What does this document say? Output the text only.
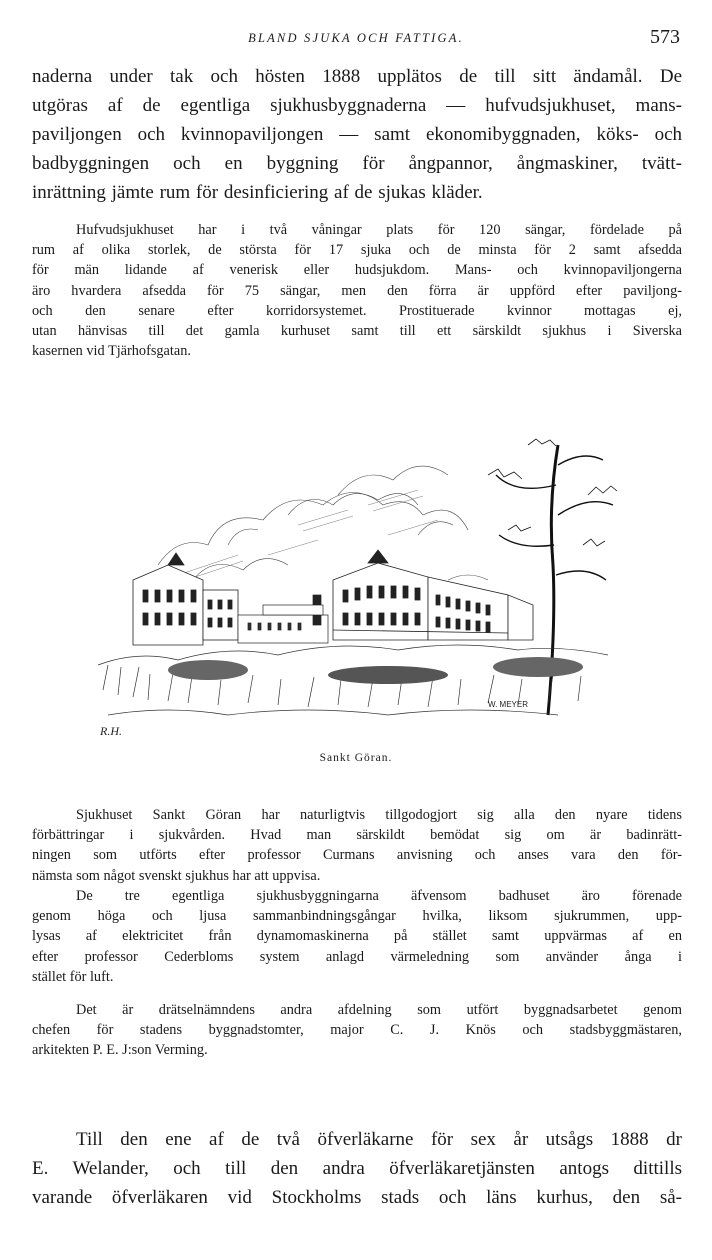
BLAND SJUKA OCH FATTIGA.	573

naderna under tak och hösten 1888 upplätos de till sitt ändamål. De
utgöras af de egentliga sjukhusbyggnaderna — hufvudsjukhuset, mans-
paviljongen och kvinnopaviljongen — samt ekonomibyggnaden, köks- och
badbyggningen och en byggning för ångpannor, ångmaskiner, tvätt-
inrättning jämte rum för desinficiering af de sjukas kläder.

Hufvudsjukhuset har i två våningar plats för 120 sängar, fördelade på
rum af olika storlek, de största för 17 sjuka och de minsta för 2 samt afsedda
för män lidande af venerisk eller hudsjukdom. Mans- och kvinnopaviljongerna
äro hvardera afsedda för 75 sängar, men den förra är uppförd efter paviljong-
och den senare efter korridorsystemet. Prostituerade kvinnor mottagas ej,
utan hänvisas till det gamla kurhuset samt till ett särskildt sjukhus i Siverska
kasernen vid Tjärhofsgatan.

R.H.
W. MEYER
Sankt Göran.

Sjukhuset Sankt Göran har naturligtvis tillgodogjort sig alla den nyare tidens
förbättringar i sjukvården. Hvad man särskildt bemödat sig om är badinrätt-
ningen som utförts efter professor Curmans anvisning och anses vara den för-
nämsta som något svenskt sjukhus har att uppvisa.

De tre egentliga sjukhusbyggningarna äfvensom badhuset äro förenade
genom höga och ljusa sammanbindningsgångar hvilka, liksom sjukrummen, upp-
lysas af elektricitet från dynamomaskinerna på stället samt uppvärmas af en
efter professor Cederbloms system anlagd värmeledning som använder ånga i
stället för luft.

Det är drätselnämndens andra afdelning som utfört byggnadsarbetet genom
chefen för stadens byggnadstomter, major C. J. Knös och stadsbyggmästaren,
arkitekten P. E. J:son Verming.

Till den ene af de två öfverläkarne för sex år utsågs 1888 dr
E. Welander, och till den andra öfverläkaretjänsten antogs dittills
varande öfverläkaren vid Stockholms stads och läns kurhus, den så-
